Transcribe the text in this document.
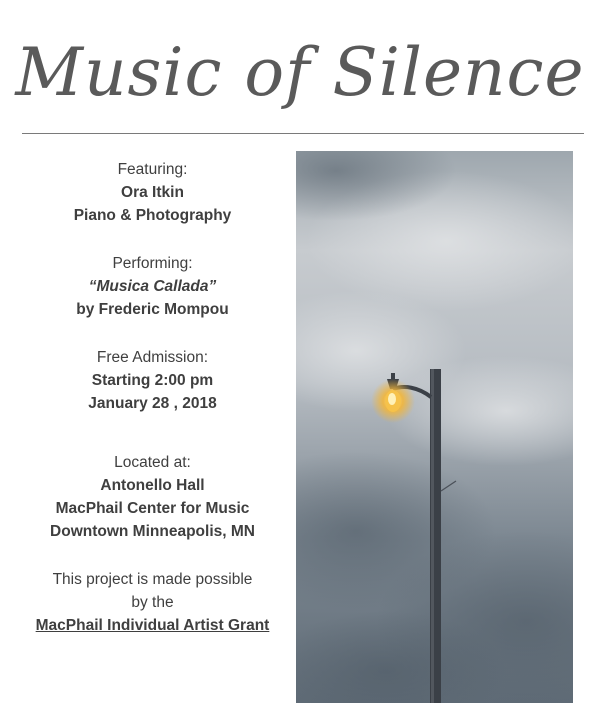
Music of Silence
Featuring:
Ora Itkin
Piano & Photography
Performing:
“Musica Callada”
by Frederic Mompou
Free Admission:
Starting 2:00 pm
January 28 , 2018
Located at:
Antonello Hall
MacPhail Center for Music
Downtown Minneapolis, MN
This project is made possible
by the
MacPhail Individual Artist Grant
